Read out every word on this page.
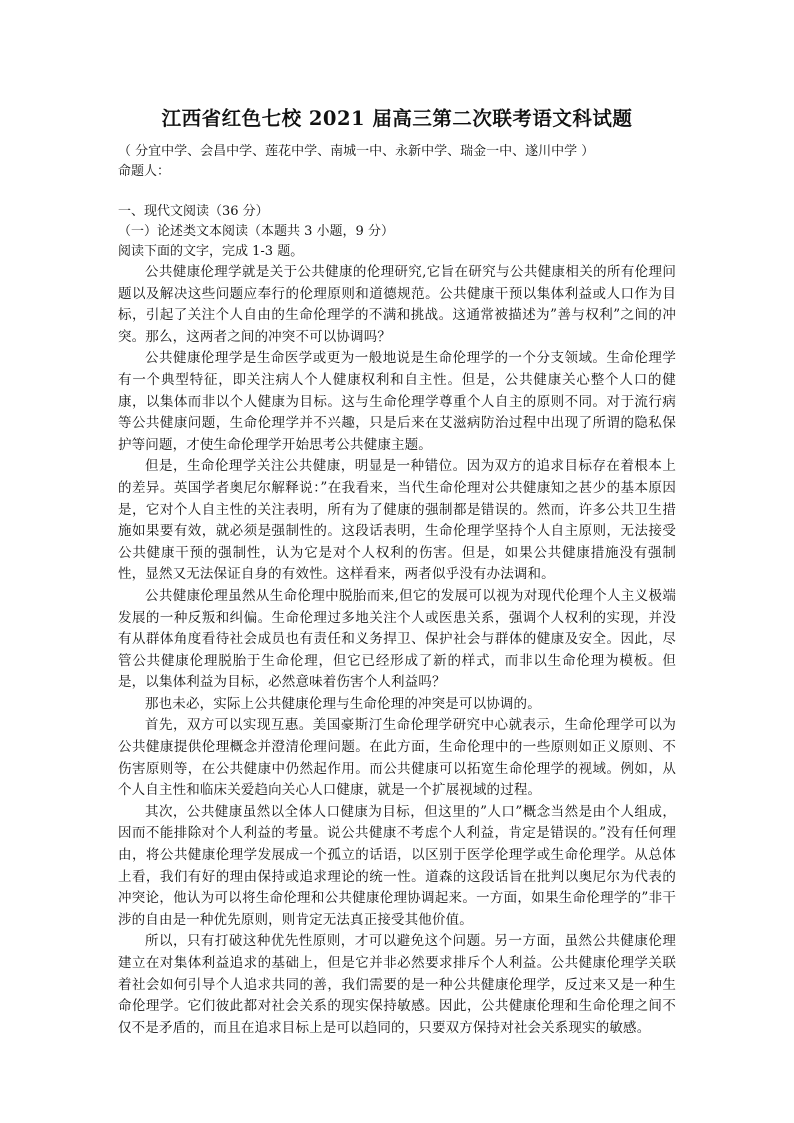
江西省红色七校 2021 届高三第二次联考语文科试题
（ 分宜中学、会昌中学、莲花中学、南城一中、永新中学、瑞金一中、遂川中学 ）
命题人：
一、现代文阅读（36 分）
（一）论述类文本阅读（本题共 3 小题，9 分）
阅读下面的文字，完成 1-3 题。

公共健康伦理学就是关于公共健康的伦理研究,它旨在研究与公共健康相关的所有伦理问题以及解决这些问题应奉行的伦理原则和道德规范。公共健康干预以集体利益或人口作为目标，引起了关注个人自由的生命伦理学的不满和挑战。这通常被描述为”善与权利”之间的冲突。那么，这两者之间的冲突不可以协调吗？

公共健康伦理学是生命医学或更为一般地说是生命伦理学的一个分支领域。生命伦理学有一个典型特征，即关注病人个人健康权利和自主性。但是，公共健康关心整个人口的健康，以集体而非以个人健康为目标。这与生命伦理学尊重个人自主的原则不同。对于流行病等公共健康问题，生命伦理学并不兴趣，只是后来在艾滋病防治过程中出现了所谓的隐私保护等问题，才使生命伦理学开始思考公共健康主题。

但是，生命伦理学关注公共健康，明显是一种错位。因为双方的追求目标存在着根本上的差异。英国学者奥尼尔解释说：”在我看来，当代生命伦理对公共健康知之甚少的基本原因是，它对个人自主性的关注表明，所有为了健康的强制都是错误的。然而，许多公共卫生措施如果要有效，就必须是强制性的。这段话表明，生命伦理学坚持个人自主原则，无法接受公共健康干预的强制性，认为它是对个人权利的伤害。但是，如果公共健康措施没有强制性，显然又无法保证自身的有效性。这样看来，两者似乎没有办法调和。

公共健康伦理虽然从生命伦理中脱胎而来,但它的发展可以视为对现代伦理个人主义极端发展的一种反叛和纠偏。生命伦理过多地关注个人或医患关系，强调个人权利的实现，并没有从群体角度看待社会成员也有责任和义务捍卫、保护社会与群体的健康及安全。因此，尽管公共健康伦理脱胎于生命伦理，但它已经形成了新的样式，而非以生命伦理为模板。但是，以集体利益为目标，必然意味着伤害个人利益吗？

那也未必，实际上公共健康伦理与生命伦理的冲突是可以协调的。

首先，双方可以实现互惠。美国豪斯汀生命伦理学研究中心就表示，生命伦理学可以为公共健康提供伦理概念并澄清伦理问题。在此方面，生命伦理中的一些原则如正义原则、不伤害原则等，在公共健康中仍然起作用。而公共健康可以拓宽生命伦理学的视域。例如，从个人自主性和临床关爱趋向关心人口健康，就是一个扩展视域的过程。

其次，公共健康虽然以全体人口健康为目标，但这里的”人口”概念当然是由个人组成，因而不能排除对个人利益的考量。说公共健康不考虑个人利益，肯定是错误的。”没有任何理由，将公共健康伦理学发展成一个孤立的话语，以区别于医学伦理学或生命伦理学。从总体上看，我们有好的理由保持或追求理论的统一性。道森的这段话旨在批判以奥尼尔为代表的冲突论，他认为可以将生命伦理和公共健康伦理协调起来。一方面，如果生命伦理学的”非干涉的自由是一种优先原则，则肯定无法真正接受其他价值。

所以，只有打破这种优先性原则，才可以避免这个问题。另一方面，虽然公共健康伦理建立在对集体利益追求的基础上，但是它并非必然要求排斥个人利益。公共健康伦理学关联着社会如何引导个人追求共同的善，我们需要的是一种公共健康伦理学，反过来又是一种生命伦理学。它们彼此都对社会关系的现实保持敏感。因此，公共健康伦理和生命伦理之间不仅不是矛盾的，而且在追求目标上是可以趋同的，只要双方保持对社会关系现实的敏感。
